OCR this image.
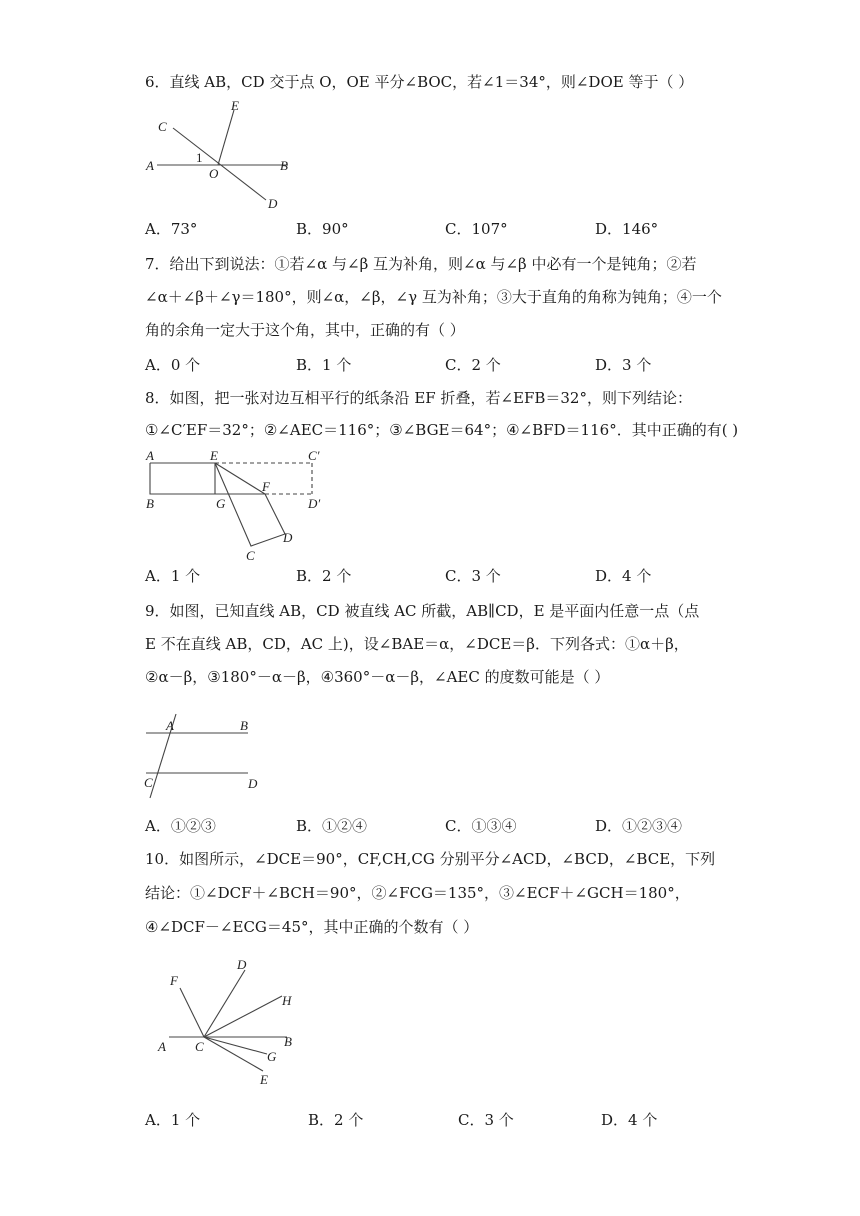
6．直线 AB，CD 交于点 O，OE 平分∠BOC，若∠1＝34°，则∠DOE 等于（ ）
C
E
A
1
B
O
D
A．73°	B．90°	C．107°	D．146°
7．给出下到说法：①若∠α 与∠β 互为补角，则∠α 与∠β 中必有一个是钝角；②若
∠α＋∠β＋∠γ＝180°，则∠α，∠β，∠γ 互为补角；③大于直角的角称为钝角；④一个
角的余角一定大于这个角，其中，正确的有（ ）
A．0 个	B．1 个	C．2 个	D．3 个
8．如图，把一张对边互相平行的纸条沿 EF 折叠，若∠EFB＝32°，则下列结论：
①∠C′EF＝32°；②∠AEC＝116°；③∠BGE＝64°；④∠BFD＝116°．其中正确的有( )
A	E	C′
F
B	G	D′
C
D
A．1 个	B．2 个	C．3 个	D．4 个
9．如图，已知直线 AB，CD 被直线 AC 所截，AB∥CD，E 是平面内任意一点（点
E 不在直线 AB，CD，AC 上)，设∠BAE＝α，∠DCE＝β．下列各式：①α＋β，
②α－β，③180°－α－β，④360°－α－β，∠AEC 的度数可能是（ ）
A	B
C	D
A．①②③	B．①②④	C．①③④	D．①②③④
10．如图所示，∠DCE＝90°，CF,CH,CG 分别平分∠ACD，∠BCD，∠BCE，下列
结论：①∠DCF＋∠BCH＝90°，②∠FCG＝135°，③∠ECF＋∠GCH＝180°，
④∠DCF－∠ECG＝45°，其中正确的个数有（ ）
F
D
H
A C	B
G
E
A．1 个	B．2 个	C．3 个	D．4 个
